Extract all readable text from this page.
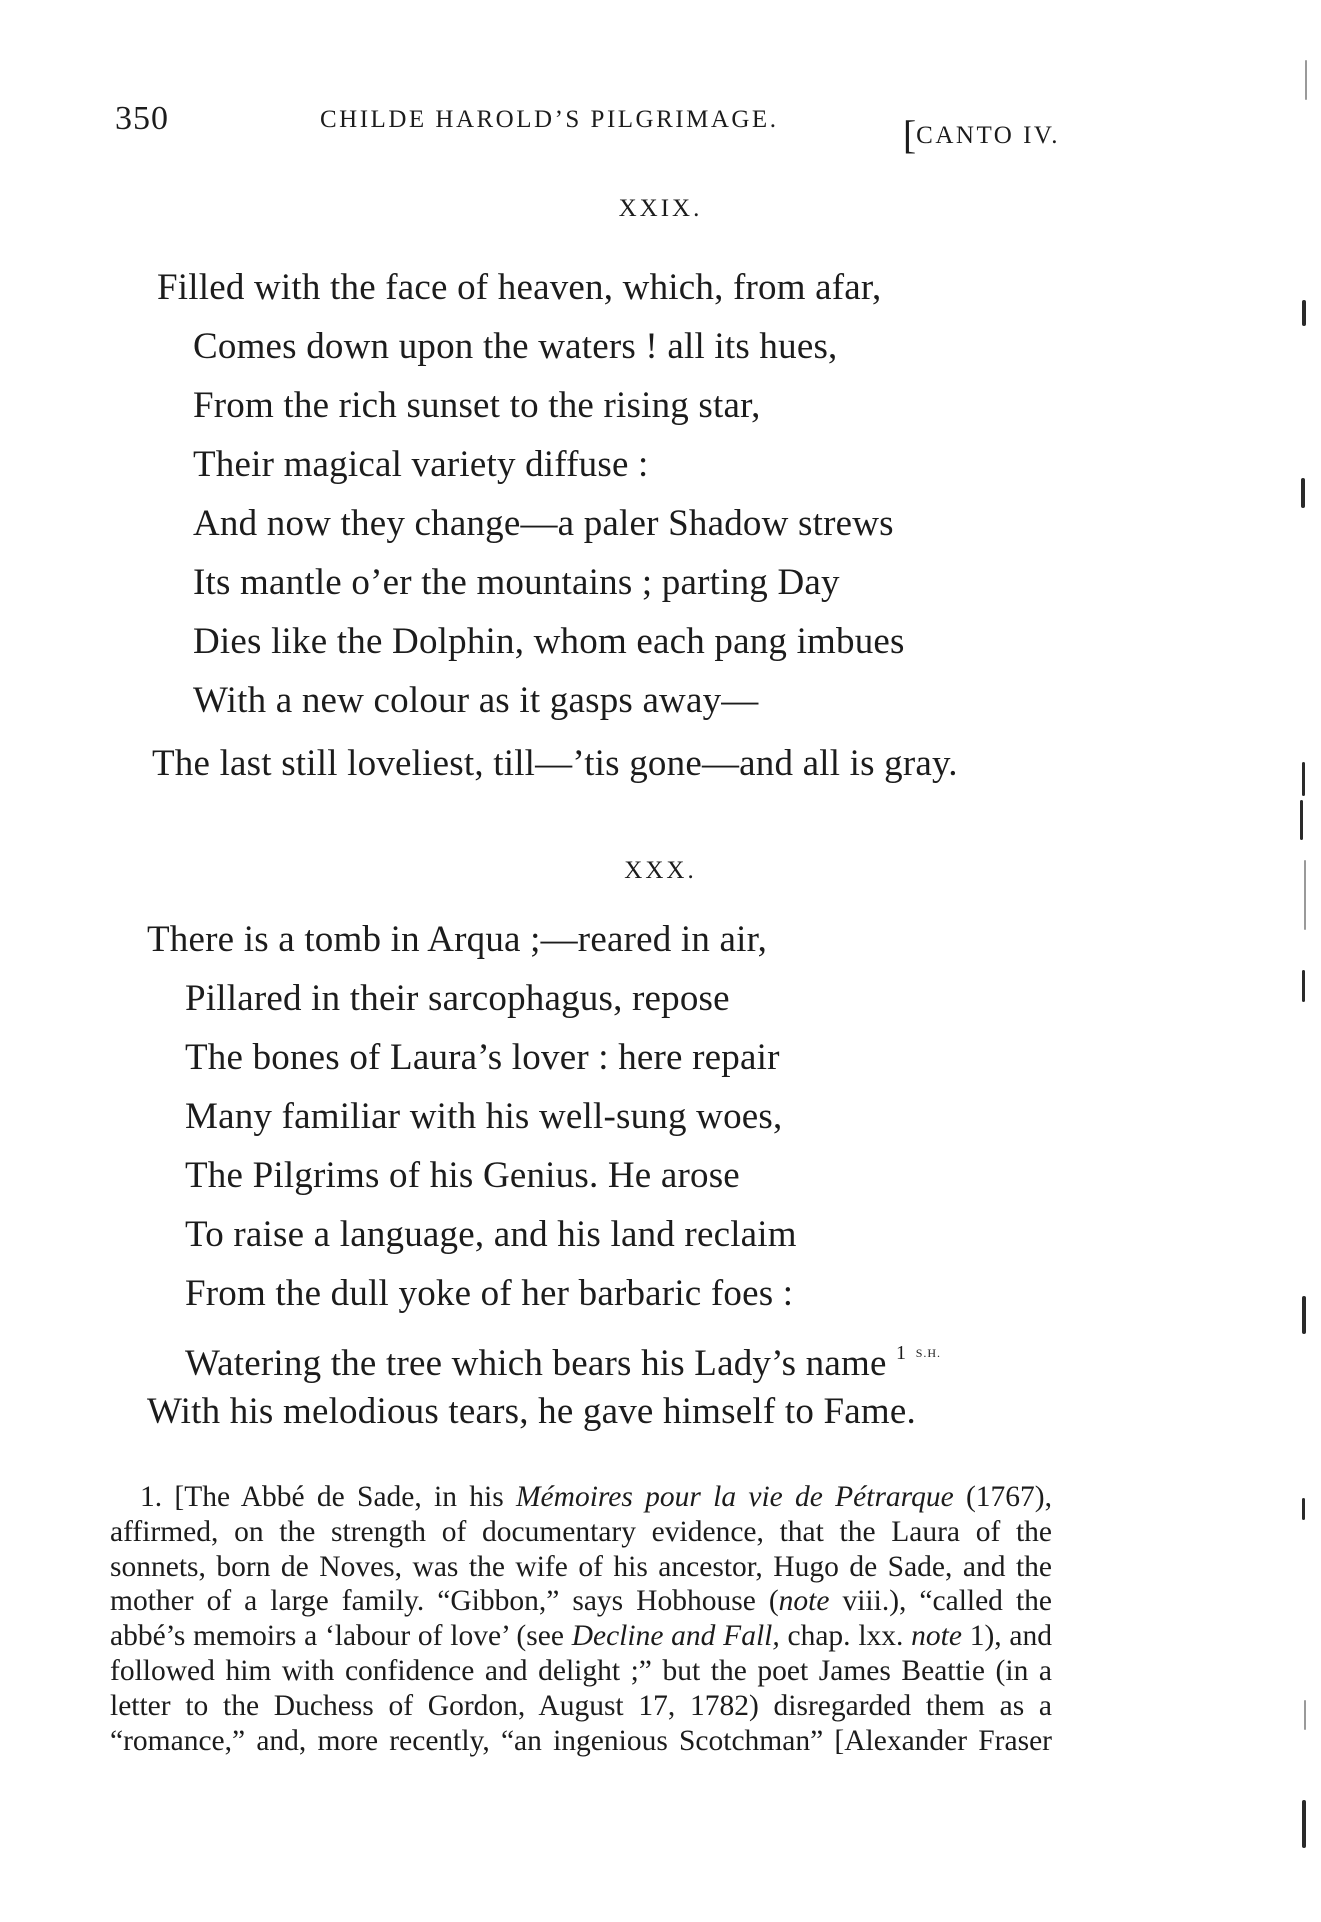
350	CHILDE HAROLD’S PILGRIMAGE.	[CANTO IV.
XXIX.
Filled with the face of heaven, which, from afar,
Comes down upon the waters ! all its hues,
From the rich sunset to the rising star,
Their magical variety diffuse :
And now they change—a paler Shadow strews
Its mantle o’er the mountains ; parting Day
Dies like the Dolphin, whom each pang imbues
With a new colour as it gasps away—
The last still loveliest, till—’tis gone—and all is gray.
XXX.
There is a tomb in Arqua ;—reared in air,
Pillared in their sarcophagus, repose
The bones of Laura’s lover : here repair
Many familiar with his well-sung woes,
The Pilgrims of his Genius. He arose
To raise a language, and his land reclaim
From the dull yoke of her barbaric foes :
Watering the tree which bears his Lady’s name $^1$ $^{S.H.}$
With his melodious tears, he gave himself to Fame.
1. [The Abbé de Sade, in his Mémoires pour la vie de Pétrarque (1767), affirmed, on the strength of documentary evidence, that the Laura of the sonnets, born de Noves, was the wife of his ancestor, Hugo de Sade, and the mother of a large family. “Gibbon,” says Hobhouse (note viii.), “called the abbé’s memoirs a ‘labour of love’ (see Decline and Fall, chap. lxx. note 1), and followed him with confidence and delight ;” but the poet James Beattie (in a letter to the Duchess of Gordon, August 17, 1782) disregarded them as a “romance,” and, more recently, “an ingenious Scotchman” [Alexander Fraser
